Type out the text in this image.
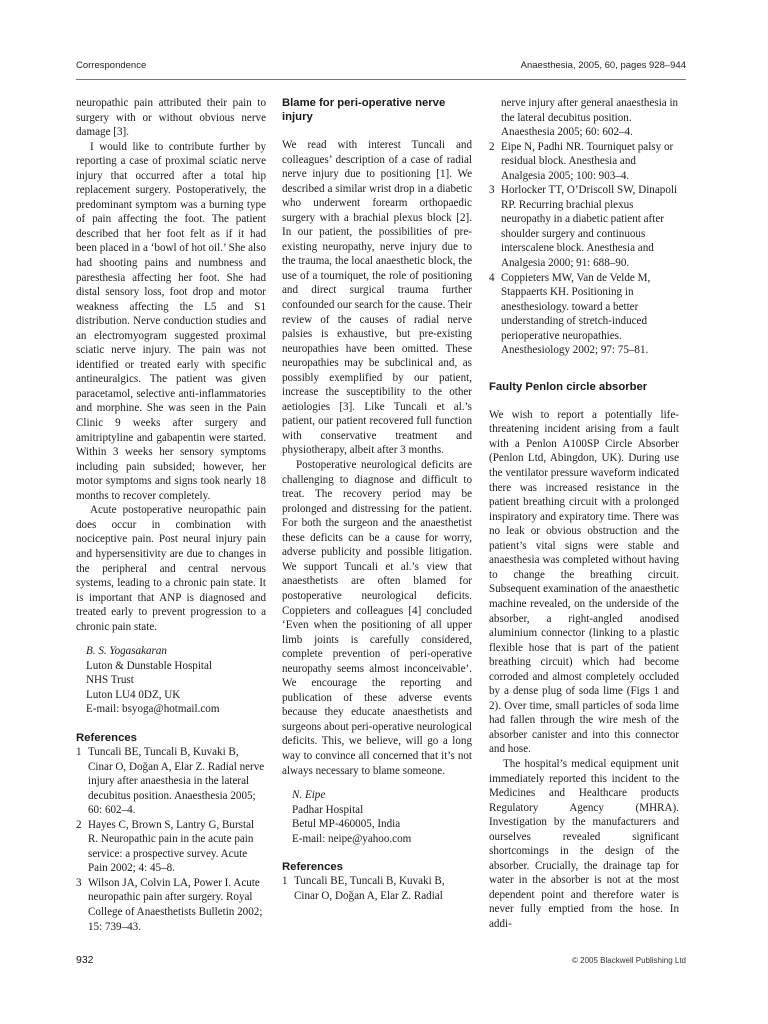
Correspondence	Anaesthesia, 2005, 60, pages 928–944

neuropathic pain attributed their pain to surgery with or without obvious nerve damage [3].

I would like to contribute further by reporting a case of proximal sciatic nerve injury that occurred after a total hip replacement surgery. Postoperatively, the predominant symptom was a burning type of pain affecting the foot. The patient described that her foot felt as if it had been placed in a ‘bowl of hot oil.’ She also had shooting pains and numbness and paresthesia affecting her foot. She had distal sensory loss, foot drop and motor weakness affecting the L5 and S1 distribution. Nerve conduction studies and an electromyogram suggested proximal sciatic nerve injury. The pain was not identified or treated early with specific antineuralgics. The patient was given paracetamol, selective anti-inflammatories and morphine. She was seen in the Pain Clinic 9 weeks after surgery and amitriptyline and gabapentin were started. Within 3 weeks her sensory symptoms including pain subsided; however, her motor symptoms and signs took nearly 18 months to recover completely.

Acute postoperative neuropathic pain does occur in combination with nociceptive pain. Post neural injury pain and hypersensitivity are due to changes in the peripheral and central nervous systems, leading to a chronic pain state. It is important that ANP is diagnosed and treated early to prevent progression to a chronic pain state.

B. S. Yogasakaran
Luton & Dunstable Hospital
NHS Trust
Luton LU4 0DZ, UK
E-mail: bsyoga@hotmail.com
References
1 Tuncali BE, Tuncali B, Kuvaki B, Cinar O, Doğan A, Elar Z. Radial nerve injury after anaesthesia in the lateral decubitus position. Anaesthesia 2005; 60: 602–4.
2 Hayes C, Brown S, Lantry G, Burstal R. Neuropathic pain in the acute pain service: a prospective survey. Acute Pain 2002; 4: 45–8.
3 Wilson JA, Colvin LA, Power I. Acute neuropathic pain after surgery. Royal College of Anaesthetists Bulletin 2002; 15: 739–43.
Blame for peri-operative nerve injury

We read with interest Tuncali and colleagues’ description of a case of radial nerve injury due to positioning [1]. We described a similar wrist drop in a diabetic who underwent forearm orthopaedic surgery with a brachial plexus block [2]. In our patient, the possibilities of pre-existing neuropathy, nerve injury due to the trauma, the local anaesthetic block, the use of a tourniquet, the role of positioning and direct surgical trauma further confounded our search for the cause. Their review of the causes of radial nerve palsies is exhaustive, but pre-existing neuropathies have been omitted. These neuropathies may be subclinical and, as possibly exemplified by our patient, increase the susceptibility to the other aetiologies [3]. Like Tuncali et al.’s patient, our patient recovered full function with conservative treatment and physiotherapy, albeit after 3 months.

Postoperative neurological deficits are challenging to diagnose and difficult to treat. The recovery period may be prolonged and distressing for the patient. For both the surgeon and the anaesthetist these deficits can be a cause for worry, adverse publicity and possible litigation. We support Tuncali et al.’s view that anaesthetists are often blamed for postoperative neurological deficits. Coppieters and colleagues [4] concluded ‘Even when the positioning of all upper limb joints is carefully considered, complete prevention of peri-operative neuropathy seems almost inconceivable’. We encourage the reporting and publication of these adverse events because they educate anaesthetists and surgeons about peri-operative neurological deficits. This, we believe, will go a long way to convince all concerned that it’s not always necessary to blame someone.

N. Eipe
Padhar Hospital
Betul MP-460005, India
E-mail: neipe@yahoo.com
References
1 Tuncali BE, Tuncali B, Kuvaki B, Cinar O, Doğan A, Elar Z. Radial
nerve injury after general anaesthesia in the lateral decubitus position. Anaesthesia 2005; 60: 602–4.
2 Eipe N, Padhi NR. Tourniquet palsy or residual block. Anesthesia and Analgesia 2005; 100: 903–4.
3 Horlocker TT, O’Driscoll SW, Dinapoli RP. Recurring brachial plexus neuropathy in a diabetic patient after shoulder surgery and continuous interscalene block. Anesthesia and Analgesia 2000; 91: 688–90.
4 Coppieters MW, Van de Velde M, Stappaerts KH. Positioning in anesthesiology. toward a better understanding of stretch-induced perioperative neuropathies. Anesthesiology 2002; 97: 75–81.
Faulty Penlon circle absorber

We wish to report a potentially life-threatening incident arising from a fault with a Penlon A100SP Circle Absorber (Penlon Ltd, Abingdon, UK). During use the ventilator pressure waveform indicated there was increased resistance in the patient breathing circuit with a prolonged inspiratory and expiratory time. There was no leak or obvious obstruction and the patient’s vital signs were stable and anaesthesia was completed without having to change the breathing circuit. Subsequent examination of the anaesthetic machine revealed, on the underside of the absorber, a right-angled anodised aluminium connector (linking to a plastic flexible hose that is part of the patient breathing circuit) which had become corroded and almost completely occluded by a dense plug of soda lime (Figs 1 and 2). Over time, small particles of soda lime had fallen through the wire mesh of the absorber canister and into this connector and hose.

The hospital’s medical equipment unit immediately reported this incident to the Medicines and Healthcare products Regulatory Agency (MHRA). Investigation by the manufacturers and ourselves revealed significant shortcomings in the design of the absorber. Crucially, the drainage tap for water in the absorber is not at the most dependent point and therefore water is never fully emptied from the hose. In addi-

932	© 2005 Blackwell Publishing Ltd
